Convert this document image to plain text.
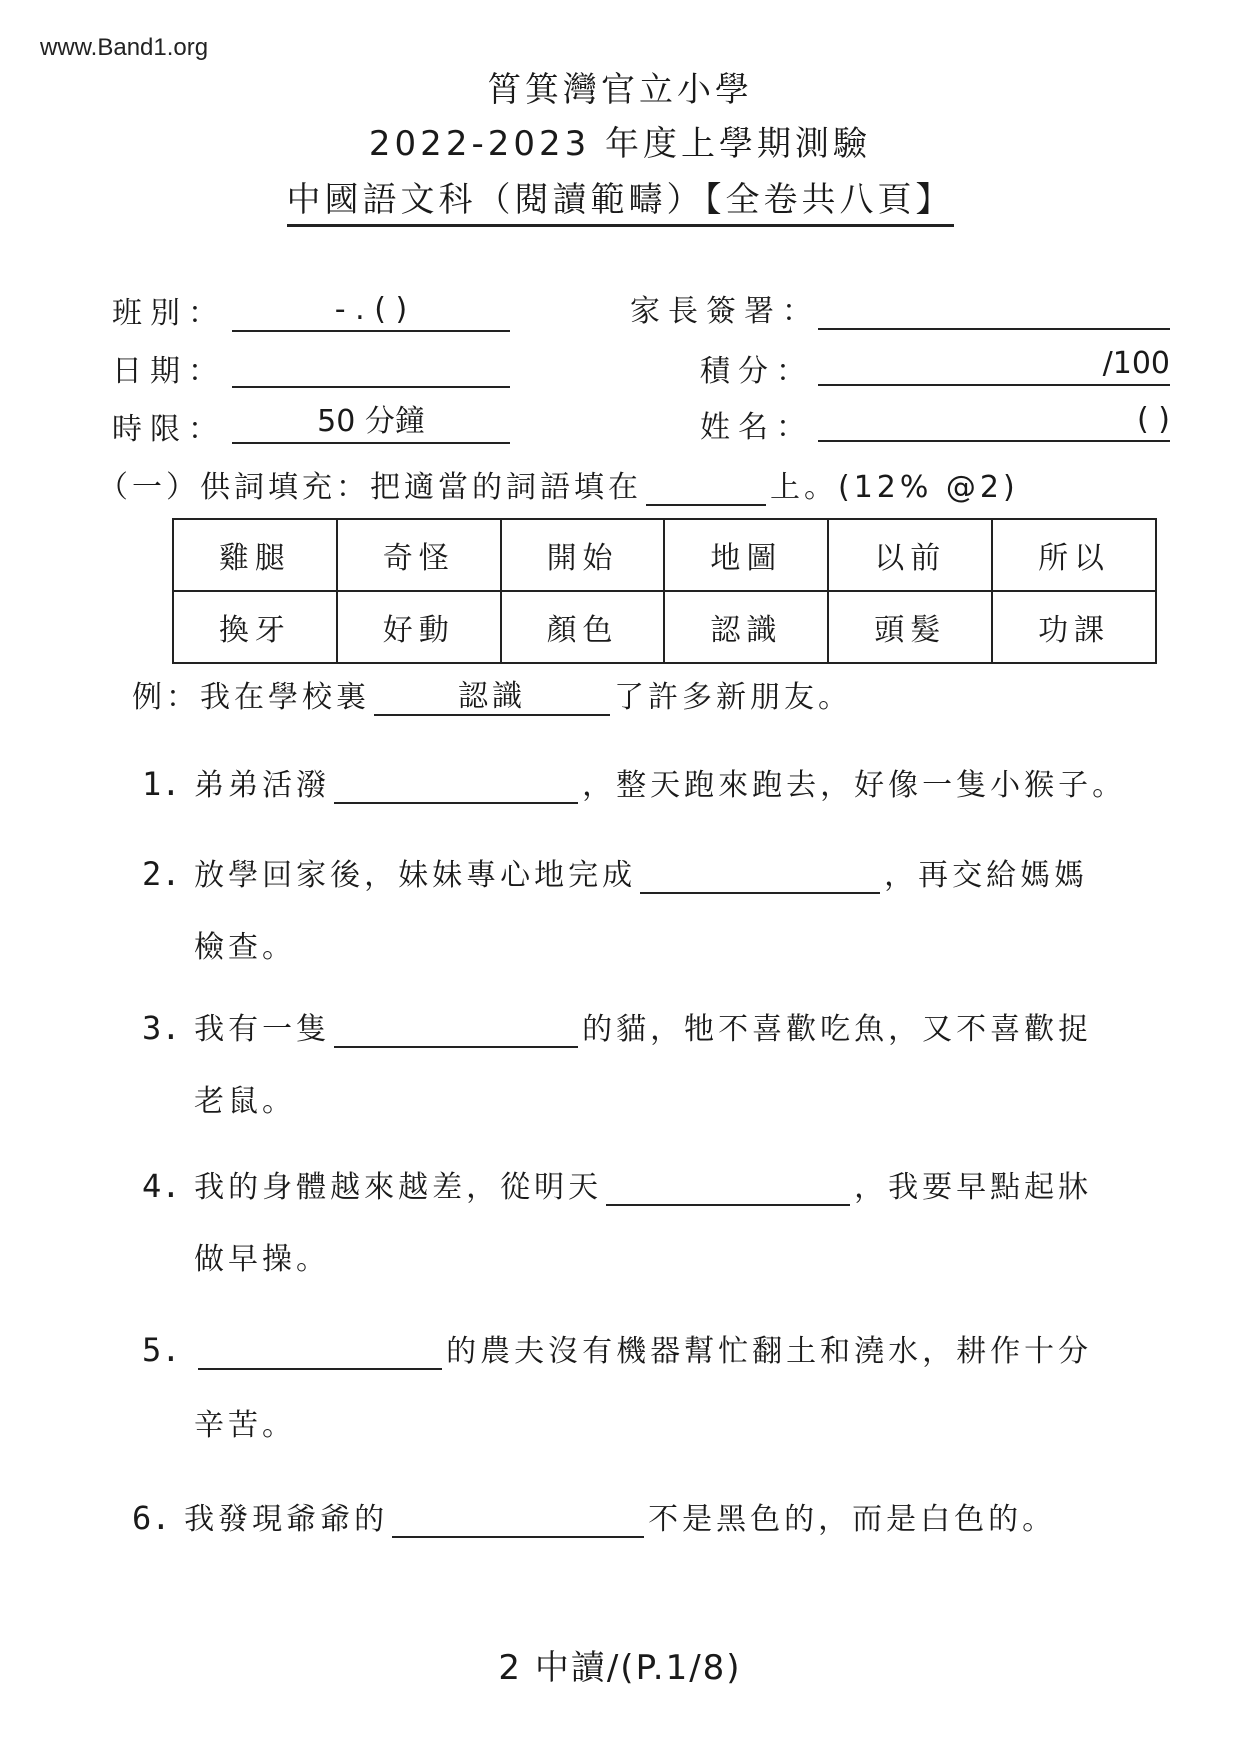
www.Band1.org
筲箕灣官立小學
2022-2023 年度上學期測驗
中國語文科（閱讀範疇）【全卷共八頁】
班別：	- . ( )
日期：
時限：	50 分鐘
家長簽署：
積分：	/100
姓名：	( )
（一）供詞填充：把適當的詞語填在	上。(12% @2)
雞腿	奇怪	開始	地圖	以前	所以
換牙	好動	顏色	認識	頭髮	功課
例：我在學校裏	認識	了許多新朋友。
1. 弟弟活潑	，整天跑來跑去，好像一隻小猴子。
2. 放學回家後，妹妹專心地完成	，再交給媽媽
檢查。
3. 我有一隻	的貓，牠不喜歡吃魚，又不喜歡捉
老鼠。
4. 我的身體越來越差，從明天	，我要早點起牀
做早操。
5.	的農夫沒有機器幫忙翻土和澆水，耕作十分
辛苦。
6. 我發現爺爺的	不是黑色的，而是白色的。
2 中讀/(P.1/8)
